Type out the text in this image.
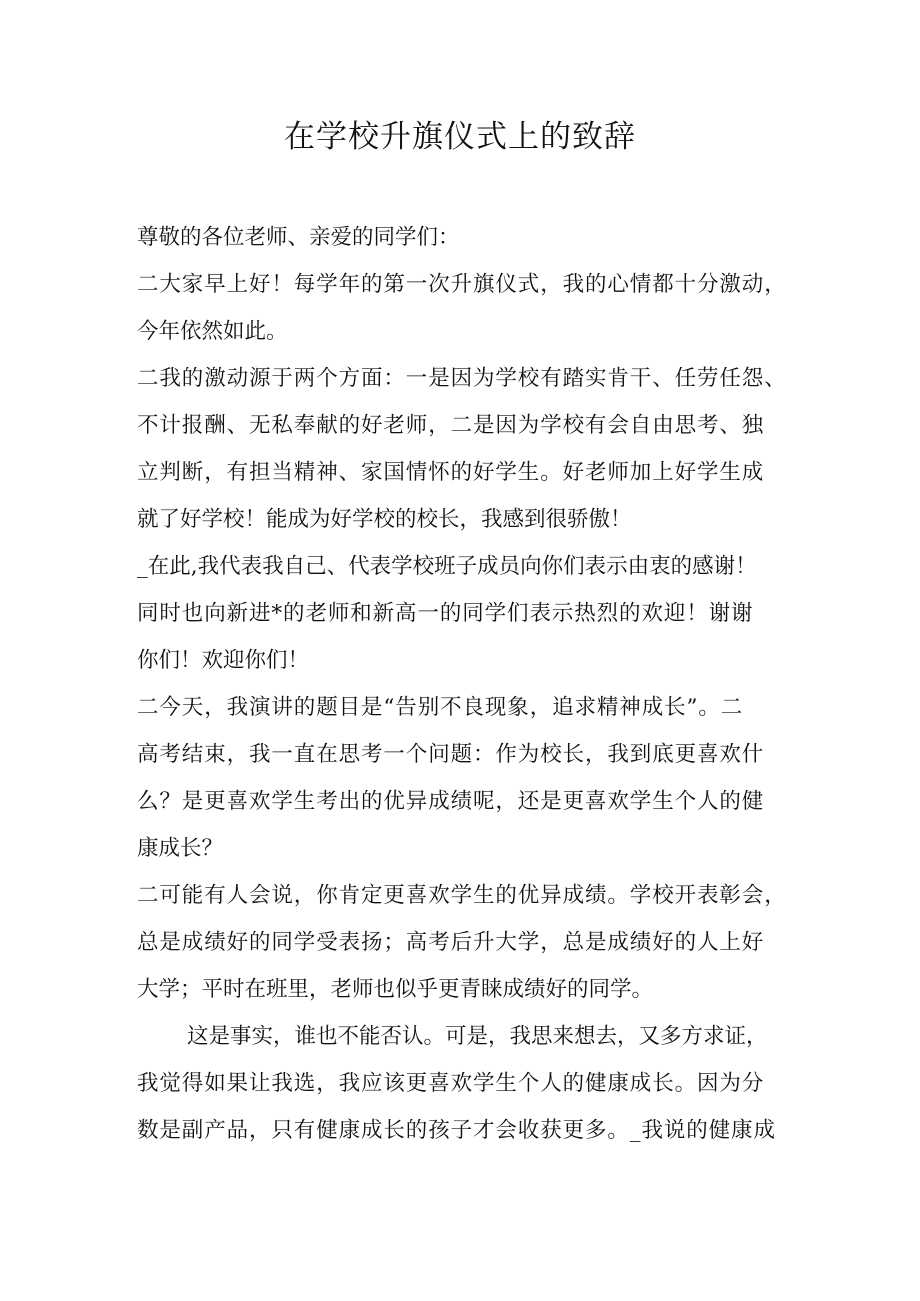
在学校升旗仪式上的致辞
尊敬的各位老师、亲爱的同学们：
二大家早上好！每学年的第一次升旗仪式，我的心情都十分激动，
今年依然如此。
二我的激动源于两个方面：一是因为学校有踏实肯干、任劳任怨、
不计报酬、无私奉献的好老师，二是因为学校有会自由思考、独
立判断，有担当精神、家国情怀的好学生。好老师加上好学生成
就了好学校！能成为好学校的校长，我感到很骄傲！
_在此,我代表我自己、代表学校班子成员向你们表示由衷的感谢！
同时也向新进*的老师和新高一的同学们表示热烈的欢迎！谢谢
你们！欢迎你们！
二今天，我演讲的题目是“告别不良现象，追求精神成长”。二
高考结束，我一直在思考一个问题：作为校长，我到底更喜欢什
么？是更喜欢学生考出的优异成绩呢，还是更喜欢学生个人的健
康成长？
二可能有人会说，你肯定更喜欢学生的优异成绩。学校开表彰会，
总是成绩好的同学受表扬；高考后升大学，总是成绩好的人上好
大学；平时在班里，老师也似乎更青睐成绩好的同学。
这是事实，谁也不能否认。可是，我思来想去，又多方求证，
我觉得如果让我选，我应该更喜欢学生个人的健康成长。因为分
数是副产品，只有健康成长的孩子才会收获更多。_我说的健康成
